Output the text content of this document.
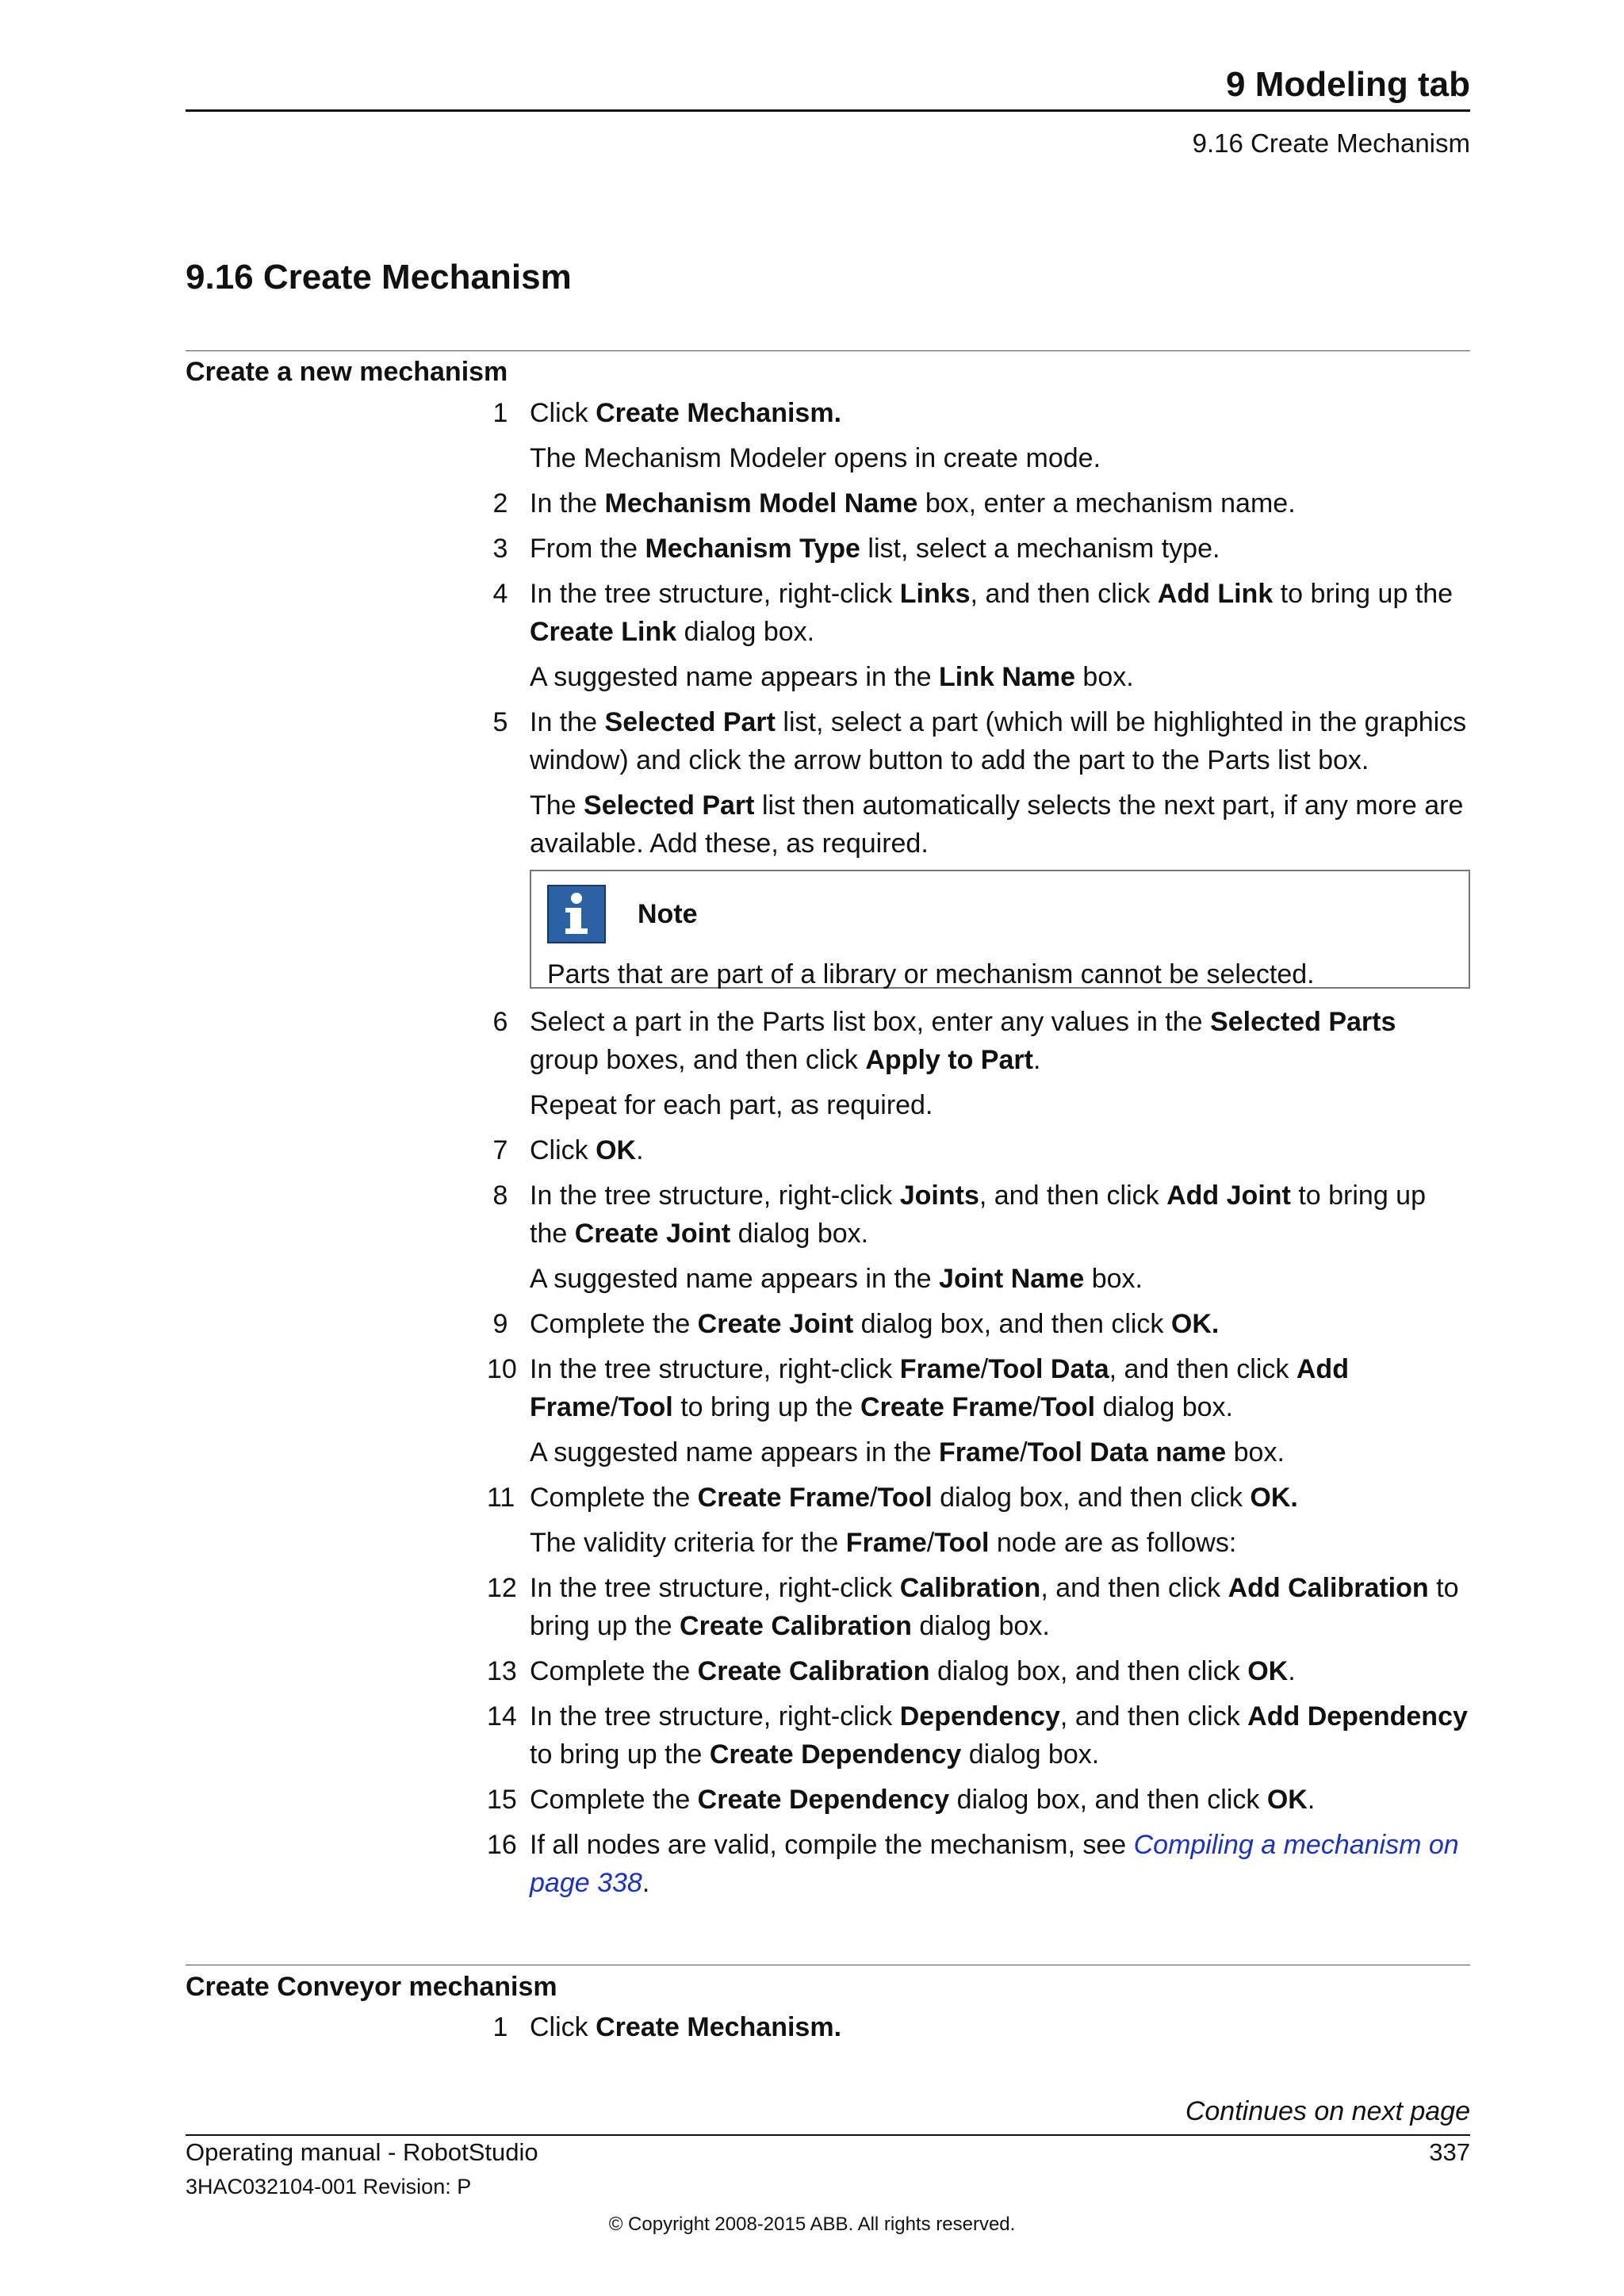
9 Modeling tab
9.16 Create Mechanism
9.16 Create Mechanism
Create a new mechanism
1 Click Create Mechanism.
The Mechanism Modeler opens in create mode.
2 In the Mechanism Model Name box, enter a mechanism name.
3 From the Mechanism Type list, select a mechanism type.
4 In the tree structure, right-click Links, and then click Add Link to bring up the Create Link dialog box.
A suggested name appears in the Link Name box.
5 In the Selected Part list, select a part (which will be highlighted in the graphics window) and click the arrow button to add the part to the Parts list box.
The Selected Part list then automatically selects the next part, if any more are available. Add these, as required.
Note
Parts that are part of a library or mechanism cannot be selected.
6 Select a part in the Parts list box, enter any values in the Selected Parts group boxes, and then click Apply to Part.
Repeat for each part, as required.
7 Click OK.
8 In the tree structure, right-click Joints, and then click Add Joint to bring up the Create Joint dialog box.
A suggested name appears in the Joint Name box.
9 Complete the Create Joint dialog box, and then click OK.
10 In the tree structure, right-click Frame/Tool Data, and then click Add Frame/Tool to bring up the Create Frame/Tool dialog box.
A suggested name appears in the Frame/Tool Data name box.
11 Complete the Create Frame/Tool dialog box, and then click OK.
The validity criteria for the Frame/Tool node are as follows:
12 In the tree structure, right-click Calibration, and then click Add Calibration to bring up the Create Calibration dialog box.
13 Complete the Create Calibration dialog box, and then click OK.
14 In the tree structure, right-click Dependency, and then click Add Dependency to bring up the Create Dependency dialog box.
15 Complete the Create Dependency dialog box, and then click OK.
16 If all nodes are valid, compile the mechanism, see Compiling a mechanism on page 338.
Create Conveyor mechanism
1 Click Create Mechanism.
Continues on next page
Operating manual - RobotStudio	337
3HAC032104-001 Revision: P
© Copyright 2008-2015 ABB. All rights reserved.
